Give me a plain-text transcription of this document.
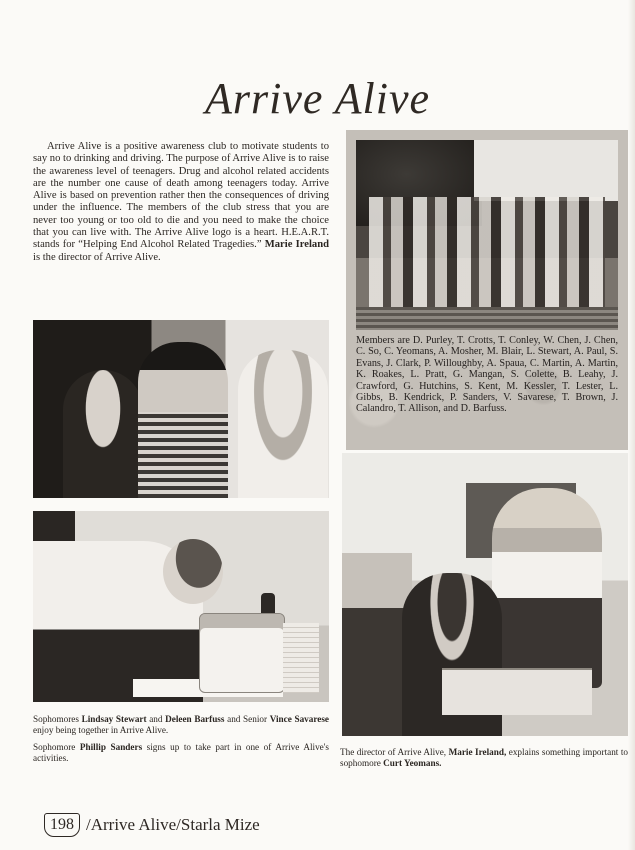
Arrive Alive
Arrive Alive is a positive awareness club to motivate students to say no to drinking and driving. The purpose of Arrive Alive is to raise the awareness level of teenagers. Drug and alcohol related accidents are the number one cause of death among teenagers today. Arrive Alive is based on prevention rather then the consequences of driving under the influence. The members of the club stress that you are never too young or too old to die and you need to make the choice that you can live with. The Arrive Alive logo is a heart. H.E.A.R.T. stands for “Helping End Alcohol Related Tragedies.” Marie Ireland is the director of Arrive Alive.
Members are D. Purley, T. Crotts, T. Conley, W. Chen, J. Chen, C. So, C. Yeomans, A. Mosher, M. Blair, L. Stewart, A. Paul, S. Evans, J. Clark, P. Willoughby, A. Spaua, C. Martin, A. Martin, K. Roakes, L. Pratt, G. Mangan, S. Colette, B. Leahy, J. Crawford, G. Hutchins, S. Kent, M. Kessler, T. Lester, L. Gibbs, B. Kendrick, P. Sanders, V. Savarese, T. Brown, J. Calandro, T. Allison, and D. Barfuss.
Sophomores Lindsay Stewart and Deleen Barfuss and Senior Vince Savarese enjoy being together in Arrive Alive.
Sophomore Phillip Sanders signs up to take part in one of Arrive Alive's activities.
The director of Arrive Alive, Marie Ireland, explains something important to sophomore Curt Yeomans.
198 /Arrive Alive/Starla Mize
